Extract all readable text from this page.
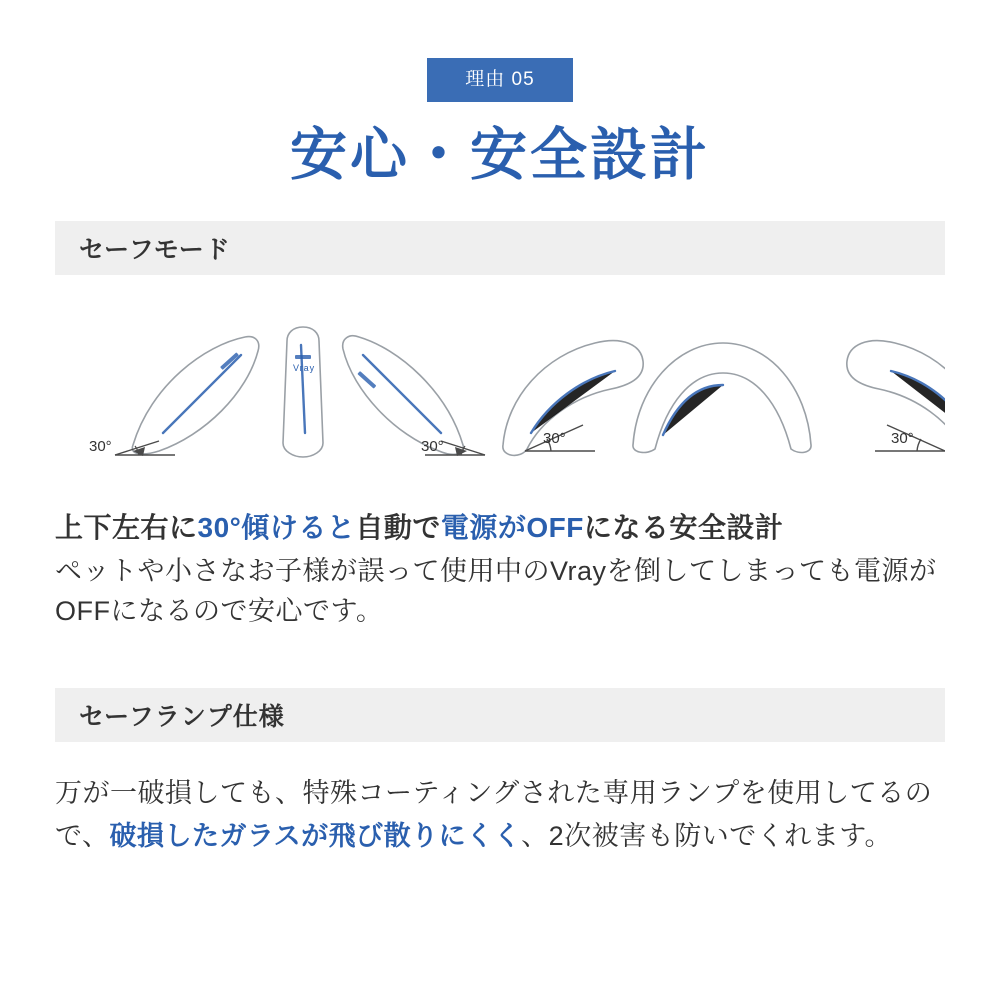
理由 05
安心・安全設計
セーフモード
Vray
30°	30°	30°	30°
上下左右に30°傾けると自動で電源がOFFになる安全設計
ペットや小さなお子様が誤って使用中のVrayを倒してしまっても電源がOFFになるので安心です。
セーフランプ仕様
万が一破損しても、特殊コーティングされた専用ランプを使用してるので、破損したガラスが飛び散りにくく、2次被害も防いでくれます。
